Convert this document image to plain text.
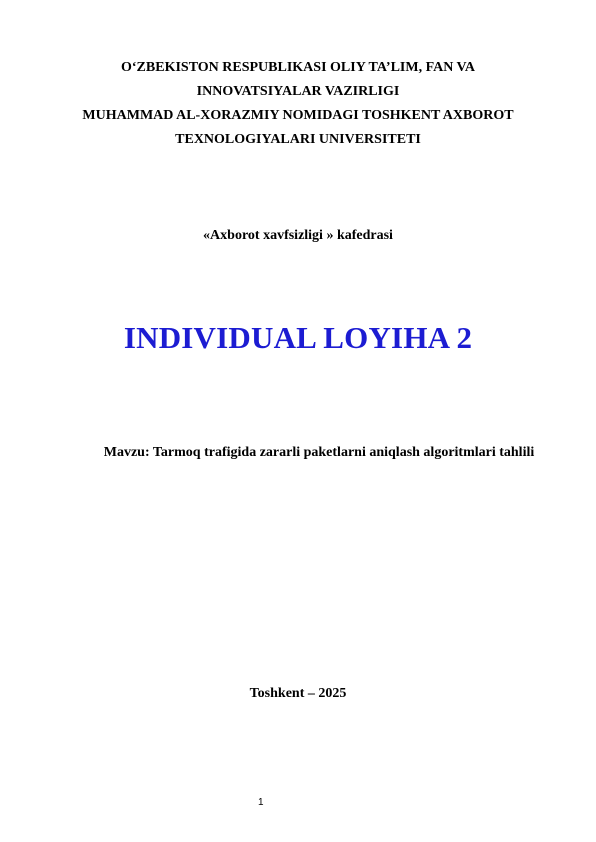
O‘ZBEKISTON RESPUBLIKASI OLIY TA’LIM, FAN VA
INNOVATSIYALAR VAZIRLIGI
MUHAMMAD AL-XORAZMIY NOMIDAGI TOSHKENT AXBOROT
TEXNOLOGIYALARI UNIVERSITETI
«Axborot xavfsizligi » kafedrasi
INDIVIDUAL LOYIHA 2
Mavzu: Tarmoq trafigida zararli paketlarni aniqlash algoritmlari tahlili
Toshkent – 2025
1
